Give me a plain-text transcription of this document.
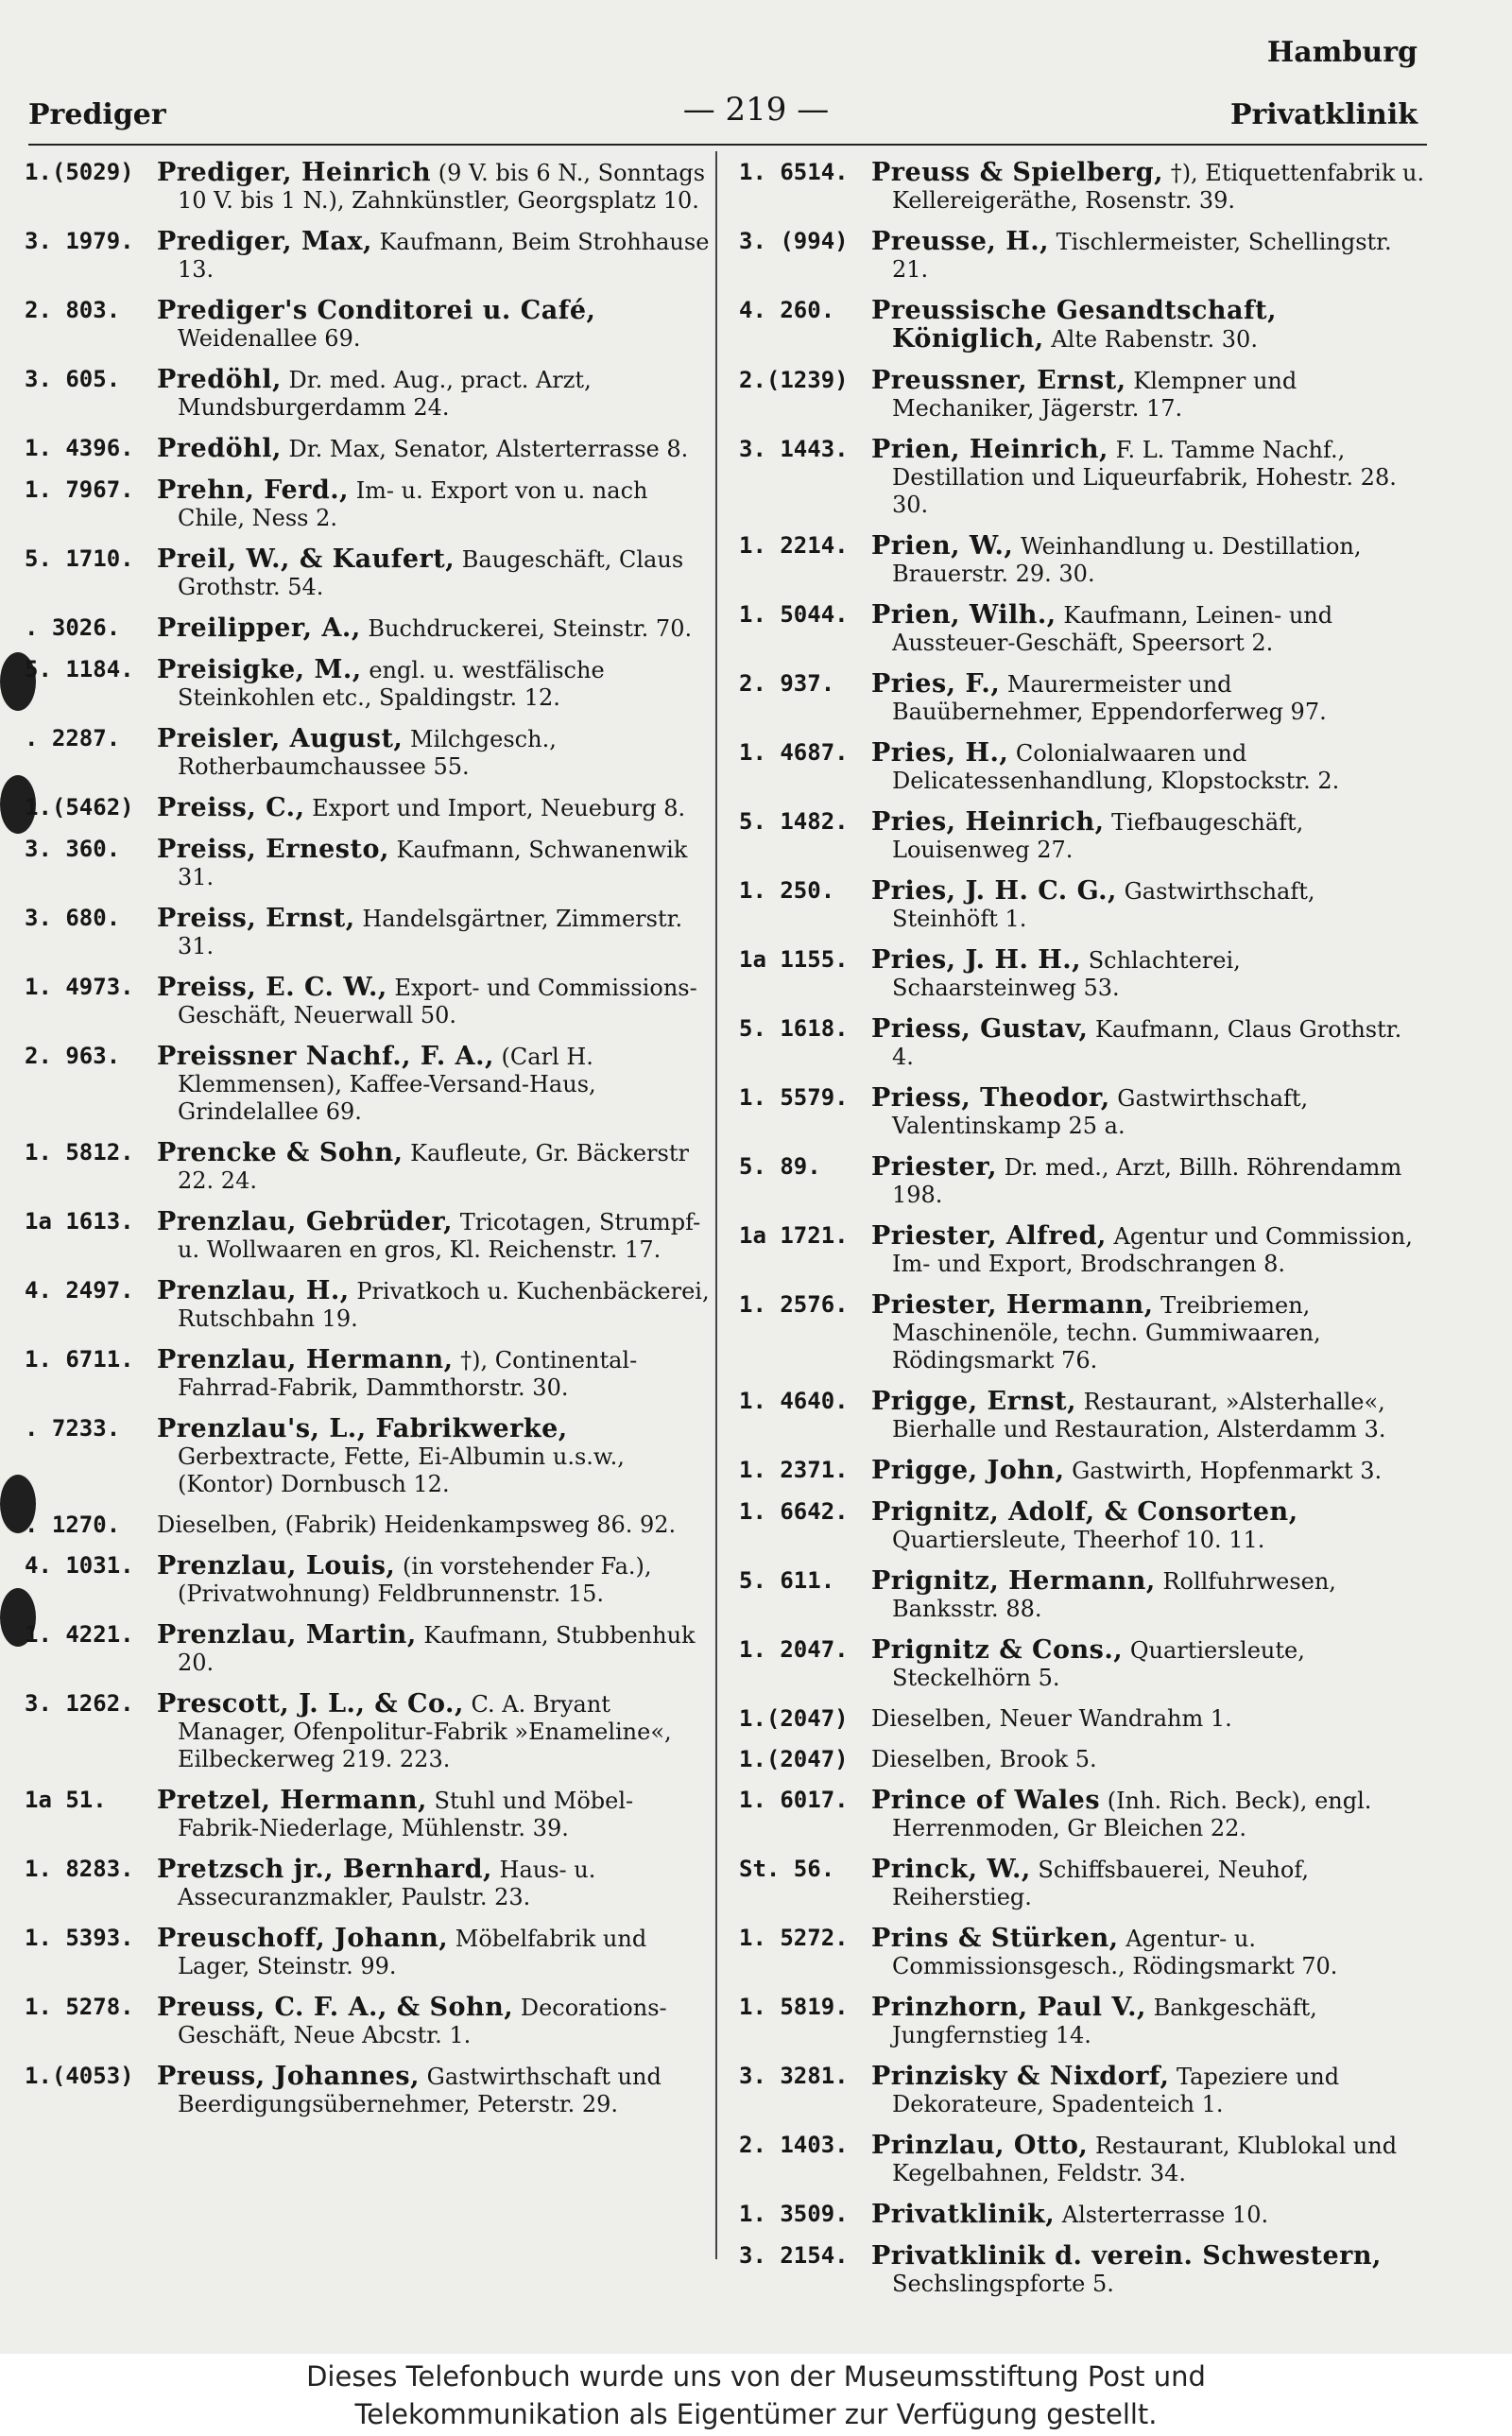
Hamburg
Prediger	— 219 —	Privatklinik
1.(5029) Prediger, Heinrich (9 V. bis 6 N., Sonntags 10 V. bis 1 N.), Zahnkünstler, Georgsplatz 10.
3. 1979. Prediger, Max, Kaufmann, Beim Strohhause 13.
2. 803.	Prediger's Conditorei u. Café, Weidenallee 69.
3. 605.	Predöhl, Dr. med. Aug., pract. Arzt, Mundsburgerdamm 24.
1. 4396. Predöhl, Dr. Max, Senator, Alsterterrasse 8.
1. 7967. Prehn, Ferd., Im- u. Export von u. nach Chile, Ness 2.
5. 1710. Preil, W., & Kaufert, Baugeschäft, Claus Grothstr. 54.
. 3026.	Preilipper, A., Buchdruckerei, Steinstr. 70.
5. 1184. Preisigke, M., engl. u. westfälische Steinkohlen etc., Spaldingstr. 12.
. 2287.	Preisler, August, Milchgesch., Rotherbaumchaussee 55.
1.(5462) Preiss, C., Export und Import, Neueburg 8.
3. 360.	Preiss, Ernesto, Kaufmann, Schwanenwik 31.
3. 680.	Preiss, Ernst, Handelsgärtner, Zimmerstr. 31.
1. 4973. Preiss, E. C. W., Export- und Commissions-Geschäft, Neuerwall 50.
2. 963.	Preissner Nachf., F. A., (Carl H. Klemmensen), Kaffee-Versand-Haus, Grindelallee 69.
1. 5812. Prencke & Sohn, Kaufleute, Gr. Bäckerstr 22. 24.
1a 1613. Prenzlau, Gebrüder, Tricotagen, Strumpf- u. Wollwaaren en gros, Kl. Reichenstr. 17.
4. 2497. Prenzlau, H., Privatkoch u. Kuchenbäckerei, Rutschbahn 19.
1. 6711. Prenzlau, Hermann, †), Continental-Fahrrad-Fabrik, Dammthorstr. 30.
. 7233.	Prenzlau's, L., Fabrikwerke, Gerbextracte, Fette, Ei-Albumin u.s.w., (Kontor) Dornbusch 12.
. 1270.	Dieselben, (Fabrik) Heidenkampsweg 86. 92.
4. 1031. Prenzlau, Louis, (in vorstehender Fa.), (Privatwohnung) Feldbrunnenstr. 15.
1. 4221. Prenzlau, Martin, Kaufmann, Stubbenhuk 20.
3. 1262. Prescott, J. L., & Co., C. A. Bryant Manager, Ofenpolitur-Fabrik »Enameline«, Eilbeckerweg 219. 223.
1a 51.	Pretzel, Hermann, Stuhl und Möbel-Fabrik-Niederlage, Mühlenstr. 39.
1. 8283. Pretzsch jr., Bernhard, Haus- u. Assecuranzmakler, Paulstr. 23.
1. 5393. Preuschoff, Johann, Möbelfabrik und Lager, Steinstr. 99.
1. 5278. Preuss, C. F. A., & Sohn, Decorations-Geschäft, Neue Abcstr. 1.
1.(4053) Preuss, Johannes, Gastwirthschaft und Beerdigungsübernehmer, Peterstr. 29.
1. 6514. Preuss & Spielberg, †), Etiquettenfabrik u. Kellereigeräthe, Rosenstr. 39.
3. (994) Preusse, H., Tischlermeister, Schellingstr. 21.
4. 260.	Preussische Gesandtschaft, Königlich, Alte Rabenstr. 30.
2.(1239) Preussner, Ernst, Klempner und Mechaniker, Jägerstr. 17.
3. 1443. Prien, Heinrich, F. L. Tamme Nachf., Destillation und Liqueurfabrik, Hohestr. 28. 30.
1. 2214. Prien, W., Weinhandlung u. Destillation, Brauerstr. 29. 30.
1. 5044. Prien, Wilh., Kaufmann, Leinen- und Aussteuer-Geschäft, Speersort 2.
2. 937.	Pries, F., Maurermeister und Bauübernehmer, Eppendorferweg 97.
1. 4687. Pries, H., Colonialwaaren und Delicatessenhandlung, Klopstockstr. 2.
5. 1482. Pries, Heinrich, Tiefbaugeschäft, Louisenweg 27.
1. 250.	Pries, J. H. C. G., Gastwirthschaft, Steinhöft 1.
1a 1155. Pries, J. H. H., Schlachterei, Schaarsteinweg 53.
5. 1618. Priess, Gustav, Kaufmann, Claus Grothstr. 4.
1. 5579. Priess, Theodor, Gastwirthschaft, Valentinskamp 25 a.
5. 89.	Priester, Dr. med., Arzt, Billh. Röhrendamm 198.
1a 1721. Priester, Alfred, Agentur und Commission, Im- und Export, Brodschrangen 8.
1. 2576. Priester, Hermann, Treibriemen, Maschinenöle, techn. Gummiwaaren, Rödingsmarkt 76.
1. 4640. Prigge, Ernst, Restaurant, »Alsterhalle«, Bierhalle und Restauration, Alsterdamm 3.
1. 2371. Prigge, John, Gastwirth, Hopfenmarkt 3.
1. 6642. Prignitz, Adolf, & Consorten, Quartiersleute, Theerhof 10. 11.
5. 611.	Prignitz, Hermann, Rollfuhrwesen, Banksstr. 88.
1. 2047. Prignitz & Cons., Quartiersleute, Steckelhörn 5.
1.(2047)	Dieselben, Neuer Wandrahm 1.
1.(2047)	Dieselben, Brook 5.
1. 6017. Prince of Wales (Inh. Rich. Beck), engl. Herrenmoden, Gr Bleichen 22.
St. 56.	Princk, W., Schiffsbauerei, Neuhof, Reiherstieg.
1. 5272. Prins & Stürken, Agentur- u. Commissionsgesch., Rödingsmarkt 70.
1. 5819. Prinzhorn, Paul V., Bankgeschäft, Jungfernstieg 14.
3. 3281. Prinzisky & Nixdorf, Tapeziere und Dekorateure, Spadenteich 1.
2. 1403. Prinzlau, Otto, Restaurant, Klublokal und Kegelbahnen, Feldstr. 34.
1. 3509. Privatklinik, Alsterterrasse 10.
3. 2154. Privatklinik d. verein. Schwestern, Sechslingspforte 5.
Dieses Telefonbuch wurde uns von der Museumsstiftung Post und
Telekommunikation als Eigentümer zur Verfügung gestellt.
